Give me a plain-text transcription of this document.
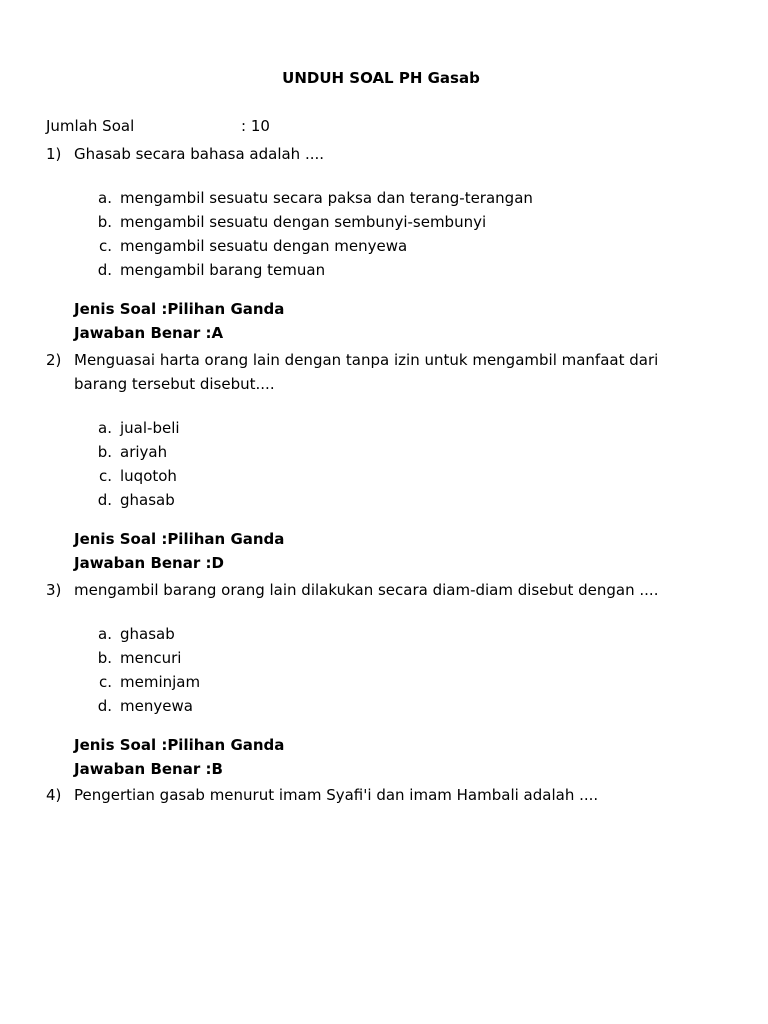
UNDUH SOAL PH Gasab
Jumlah Soal	: 10
1) Ghasab secara bahasa adalah ....
a. mengambil sesuatu secara paksa dan terang-terangan
b. mengambil sesuatu dengan sembunyi-sembunyi
c. mengambil sesuatu dengan menyewa
d. mengambil barang temuan
Jenis Soal :Pilihan Ganda
Jawaban Benar :A
2) Menguasai harta orang lain dengan tanpa izin untuk mengambil manfaat dari barang tersebut disebut....
a. jual-beli
b. ariyah
c. luqotoh
d. ghasab
Jenis Soal :Pilihan Ganda
Jawaban Benar :D
3) mengambil barang orang lain dilakukan secara diam-diam disebut dengan ....
a. ghasab
b. mencuri
c. meminjam
d. menyewa
Jenis Soal :Pilihan Ganda
Jawaban Benar :B
4) Pengertian gasab menurut imam Syafi'i dan imam Hambali adalah ....
